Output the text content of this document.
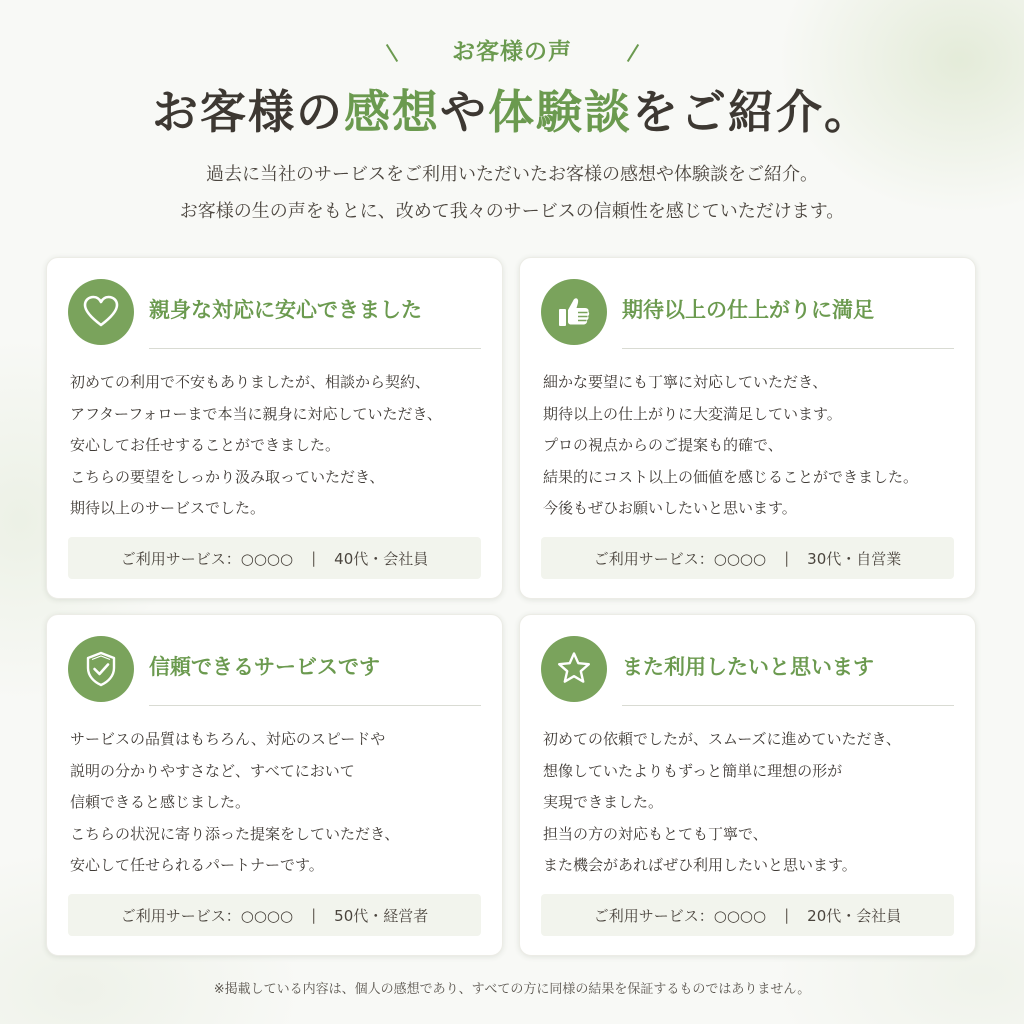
お客様の声
お客様の感想や体験談をご紹介。
過去に当社のサービスをご利用いただいたお客様の感想や体験談をご紹介。
お客様の生の声をもとに、改めて我々のサービスの信頼性を感じていただけます。
親身な対応に安心できました
初めての利用で不安もありましたが、相談から契約、
アフターフォローまで本当に親身に対応していただき、
安心してお任せすることができました。
こちらの要望をしっかり汲み取っていただき、
期待以上のサービスでした。
ご利用サービス：○○○○ | 40代・会社員
期待以上の仕上がりに満足
細かな要望にも丁寧に対応していただき、
期待以上の仕上がりに大変満足しています。
プロの視点からのご提案も的確で、
結果的にコスト以上の価値を感じることができました。
今後もぜひお願いしたいと思います。
ご利用サービス：○○○○ | 30代・自営業
信頼できるサービスです
サービスの品質はもちろん、対応のスピードや
説明の分かりやすさなど、すべてにおいて
信頼できると感じました。
こちらの状況に寄り添った提案をしていただき、
安心して任せられるパートナーです。
ご利用サービス：○○○○ | 50代・経営者
また利用したいと思います
初めての依頼でしたが、スムーズに進めていただき、
想像していたよりもずっと簡単に理想の形が
実現できました。
担当の方の対応もとても丁寧で、
また機会があればぜひ利用したいと思います。
ご利用サービス：○○○○ | 20代・会社員
※掲載している内容は、個人の感想であり、すべての方に同様の結果を保証するものではありません。
